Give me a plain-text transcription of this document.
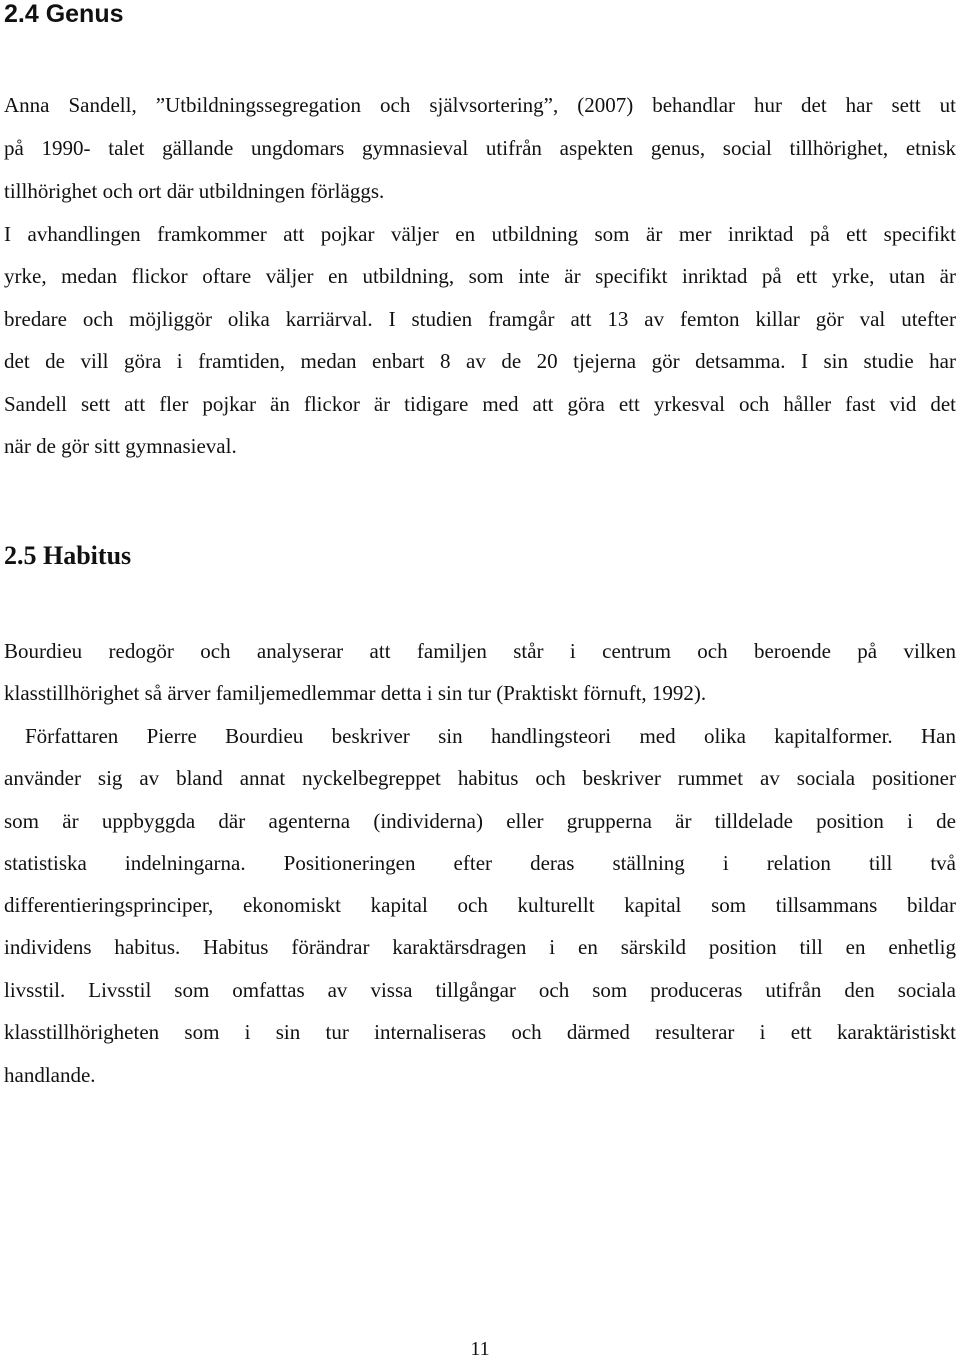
2.4 Genus
Anna Sandell, ”Utbildningssegregation och självsortering”, (2007) behandlar hur det har sett ut
på 1990- talet gällande ungdomars gymnasieval utifrån aspekten genus, social tillhörighet, etnisk
tillhörighet och ort där utbildningen förläggs.
I avhandlingen framkommer att pojkar väljer en utbildning som är mer inriktad på ett specifikt
yrke, medan flickor oftare väljer en utbildning, som inte är specifikt inriktad på ett yrke, utan är
bredare och möjliggör olika karriärval. I studien framgår att 13 av femton killar gör val utefter
det de vill göra i framtiden, medan enbart 8 av de 20 tjejerna gör detsamma. I sin studie har
Sandell sett att fler pojkar än flickor är tidigare med att göra ett yrkesval och håller fast vid det
när de gör sitt gymnasieval.
2.5 Habitus
Bourdieu redogör och analyserar att familjen står i centrum och beroende på vilken
klasstillhörighet så ärver familjemedlemmar detta i sin tur (Praktiskt förnuft, 1992).
Författaren Pierre Bourdieu beskriver sin handlingsteori med olika kapitalformer. Han
använder sig av bland annat nyckelbegreppet habitus och beskriver rummet av sociala positioner
som är uppbyggda där agenterna (individerna) eller grupperna är tilldelade position i de
statistiska indelningarna. Positioneringen efter deras ställning i relation till två
differentieringsprinciper, ekonomiskt kapital och kulturellt kapital som tillsammans bildar
individens habitus. Habitus förändrar karaktärsdragen i en särskild position till en enhetlig
livsstil. Livsstil som omfattas av vissa tillgångar och som produceras utifrån den sociala
klasstillhörigheten som i sin tur internaliseras och därmed resulterar i ett karaktäristiskt
handlande.
11
